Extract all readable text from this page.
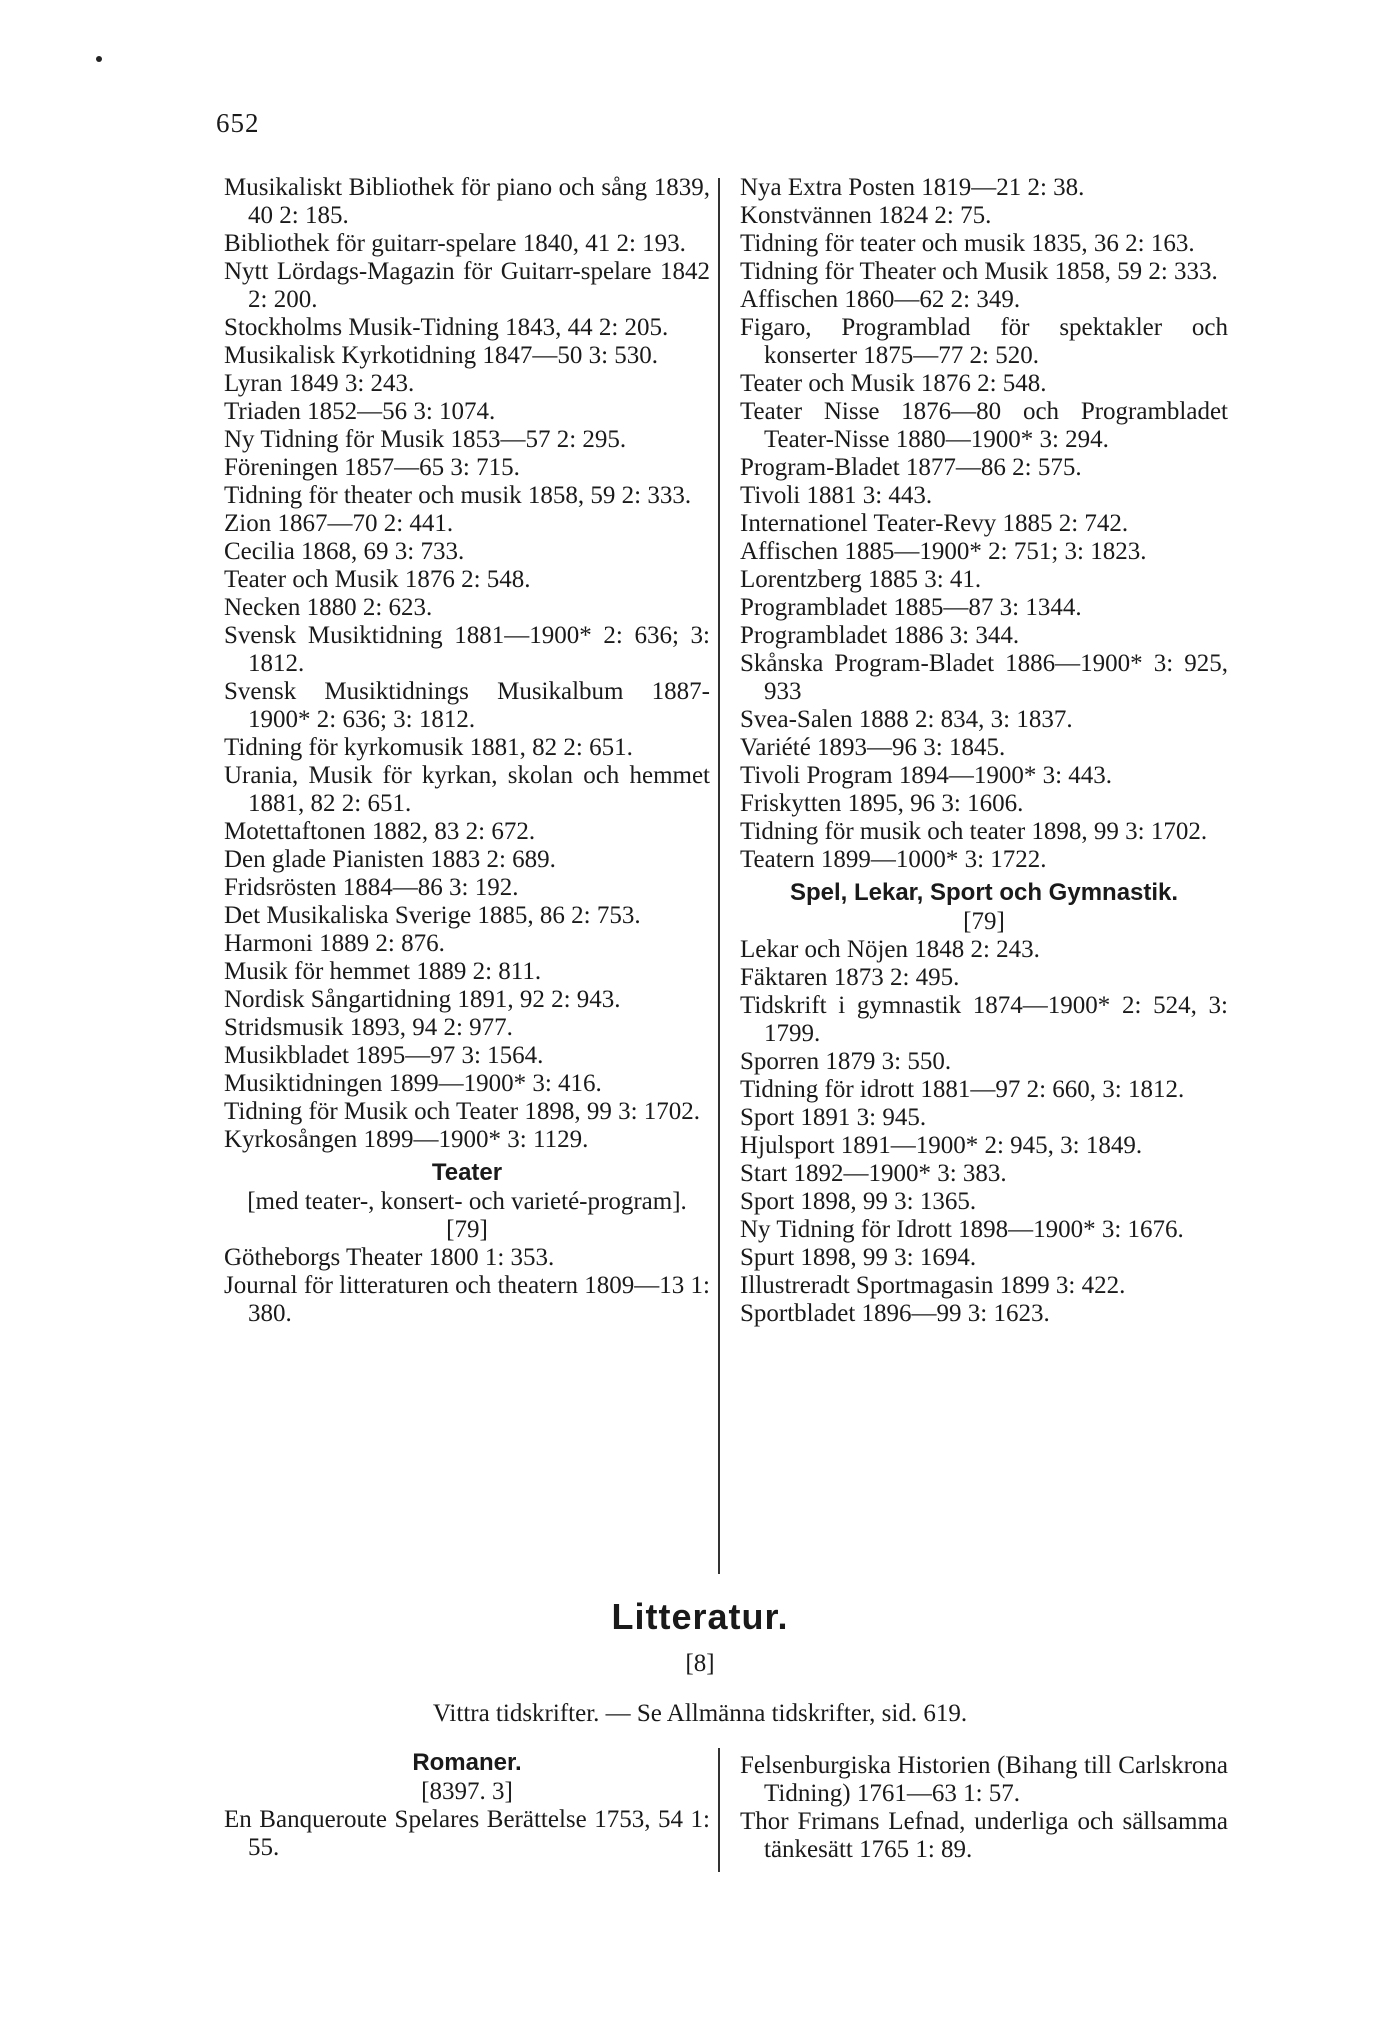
652

Musikaliskt Bibliothek för piano och sång 1839, 40 2: 185.

Bibliothek för guitarr-spelare 1840, 41 2: 193.

Nytt Lördags-Magazin för Guitarr-spelare 1842 2: 200.

Stockholms Musik-Tidning 1843, 44 2: 205.

Musikalisk Kyrkotidning 1847—50 3: 530.

Lyran 1849 3: 243.

Triaden 1852—56 3: 1074.

Ny Tidning för Musik 1853—57 2: 295.

Föreningen 1857—65 3: 715.

Tidning för theater och musik 1858, 59 2: 333.

Zion 1867—70 2: 441.

Cecilia 1868, 69 3: 733.

Teater och Musik 1876 2: 548.

Necken 1880 2: 623.

Svensk Musiktidning 1881—1900* 2: 636; 3: 1812.

Svensk Musiktidnings Musikalbum 1887- 1900* 2: 636; 3: 1812.

Tidning för kyrkomusik 1881, 82 2: 651.

Urania, Musik för kyrkan, skolan och hemmet 1881, 82 2: 651.

Motettaftonen 1882, 83 2: 672.

Den glade Pianisten 1883 2: 689.

Fridsrösten 1884—86 3: 192.

Det Musikaliska Sverige 1885, 86 2: 753.

Harmoni 1889 2: 876.

Musik för hemmet 1889 2: 811.

Nordisk Sångartidning 1891, 92 2: 943.

Stridsmusik 1893, 94 2: 977.

Musikbladet 1895—97 3: 1564.

Musiktidningen 1899—1900* 3: 416.

Tidning för Musik och Teater 1898, 99 3: 1702.

Kyrkosången 1899—1900* 3: 1129.

Teater

[med teater-, konsert- och varieté-program].

[79]

Götheborgs Theater 1800 1: 353.

Journal för litteraturen och theatern 1809—13 1: 380.

Nya Extra Posten 1819—21 2: 38.

Konstvännen 1824 2: 75.

Tidning för teater och musik 1835, 36 2: 163.

Tidning för Theater och Musik 1858, 59 2: 333.

Affischen 1860—62 2: 349.

Figaro, Programblad för spektakler och konserter 1875—77 2: 520.

Teater och Musik 1876 2: 548.

Teater Nisse 1876—80 och Programbladet Teater-Nisse 1880—1900* 3: 294.

Program-Bladet 1877—86 2: 575.

Tivoli 1881 3: 443.

Internationel Teater-Revy 1885 2: 742.

Affischen 1885—1900* 2: 751; 3: 1823.

Lorentzberg 1885 3: 41.

Programbladet 1885—87 3: 1344.

Programbladet 1886 3: 344.

Skånska Program-Bladet 1886—1900* 3: 925, 933

Svea-Salen 1888 2: 834, 3: 1837.

Variété 1893—96 3: 1845.

Tivoli Program 1894—1900* 3: 443.

Friskytten 1895, 96 3: 1606.

Tidning för musik och teater 1898, 99 3: 1702.

Teatern 1899—1000* 3: 1722.

Spel, Lekar, Sport och Gymnastik.

[79]

Lekar och Nöjen 1848 2: 243.

Fäktaren 1873 2: 495.

Tidskrift i gymnastik 1874—1900* 2: 524, 3: 1799.

Sporren 1879 3: 550.

Tidning för idrott 1881—97 2: 660, 3: 1812.

Sport 1891 3: 945.

Hjulsport 1891—1900* 2: 945, 3: 1849.

Start 1892—1900* 3: 383.

Sport 1898, 99 3: 1365.

Ny Tidning för Idrott 1898—1900* 3: 1676.

Spurt 1898, 99 3: 1694.

Illustreradt Sportmagasin 1899 3: 422.

Sportbladet 1896—99 3: 1623.

Litteratur.
[8]
Vittra tidskrifter. — Se Allmänna tidskrifter, sid. 619.

Romaner.

[8397. 3]

En Banqueroute Spelares Berättelse 1753, 54 1: 55.

Felsenburgiska Historien (Bihang till Carlskrona Tidning) 1761—63 1: 57.

Thor Frimans Lefnad, underliga och sällsamma tänkesätt 1765 1: 89.
